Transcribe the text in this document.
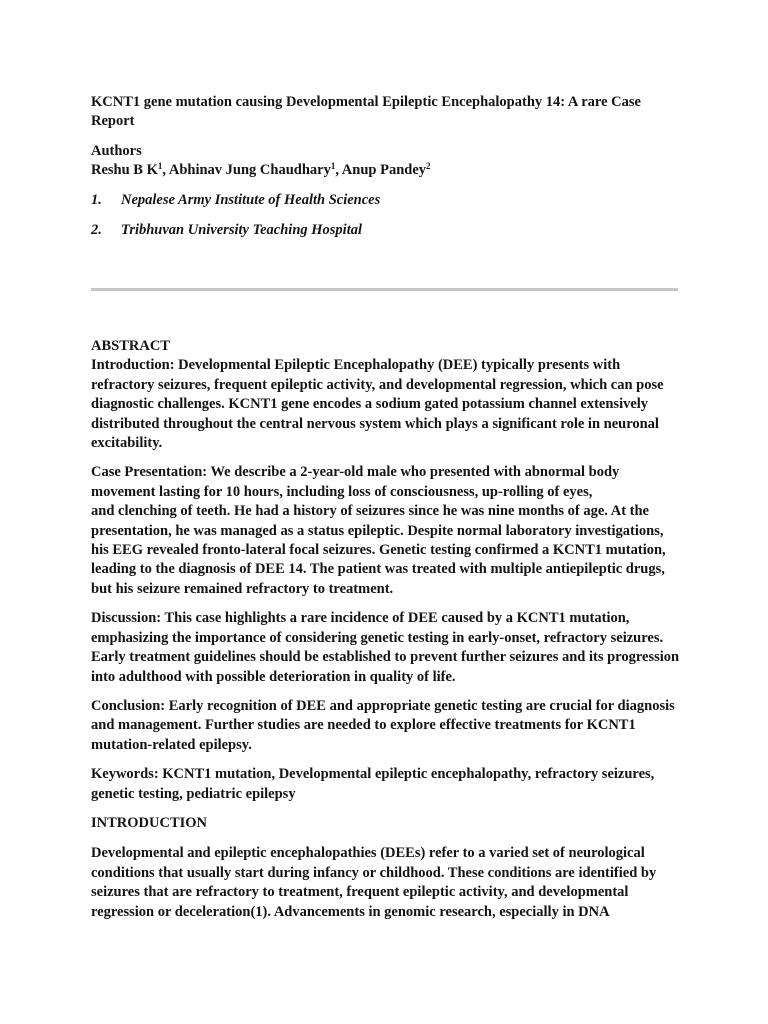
KCNT1 gene mutation causing Developmental Epileptic Encephalopathy 14: A rare Case Report

Authors

Reshu B $K^1$, Abhinav Jung Chaudhary$^1$, Anup Pandey$^2$

1.	Nepalese Army Institute of Health Sciences
2.	Tribhuvan University Teaching Hospital

ABSTRACT

Introduction: Developmental Epileptic Encephalopathy (DEE) typically presents with refractory seizures, frequent epileptic activity, and developmental regression, which can pose diagnostic challenges. KCNT1 gene encodes a sodium gated potassium channel extensively distributed throughout the central nervous system which plays a significant role in neuronal excitability.

Case Presentation: We describe a 2-year-old male who presented with abnormal body
movement lasting for 10 hours, including loss of consciousness, up-rolling of eyes,
and clenching of teeth. He had a history of seizures since he was nine months of age. At the presentation, he was managed as a status epileptic. Despite normal laboratory investigations, his EEG revealed fronto-lateral focal seizures. Genetic testing confirmed a KCNT1 mutation, leading to the diagnosis of DEE 14. The patient was treated with multiple antiepileptic drugs, but his seizure remained refractory to treatment.

Discussion: This case highlights a rare incidence of DEE caused by a KCNT1 mutation, emphasizing the importance of considering genetic testing in early-onset, refractory seizures. Early treatment guidelines should be established to prevent further seizures and its progression into adulthood with possible deterioration in quality of life.

Conclusion: Early recognition of DEE and appropriate genetic testing are crucial for diagnosis and management. Further studies are needed to explore effective treatments for KCNT1 mutation-related epilepsy.

Keywords: KCNT1 mutation, Developmental epileptic encephalopathy, refractory seizures, genetic testing, pediatric epilepsy

INTRODUCTION

Developmental and epileptic encephalopathies (DEEs) refer to a varied set of neurological conditions that usually start during infancy or childhood. These conditions are identified by seizures that are refractory to treatment, frequent epileptic activity, and developmental regression or deceleration(1). Advancements in genomic research, especially in DNA
